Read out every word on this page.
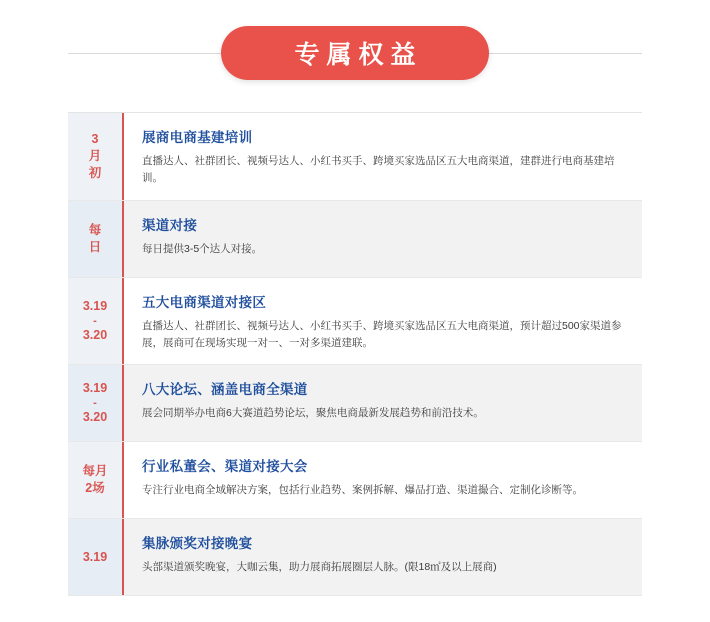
专属权益
3
月
初

展商电商基建培训

直播达人、社群团长、视频号达人、小红书买手、跨境买家选品区五大电商渠道，建群进行电商基建培训。

每
日

渠道对接

每日提供3-5个达人对接。

3.19
-
3.20

五大电商渠道对接区

直播达人、社群团长、视频号达人、小红书买手、跨境买家选品区五大电商渠道，预计超过500家渠道参展，展商可在现场实现一对一、一对多渠道建联。

3.19
-
3.20

八大论坛、涵盖电商全渠道

展会同期举办电商6大赛道趋势论坛，聚焦电商最新发展趋势和前沿技术。

每月
2场

行业私董会、渠道对接大会

专注行业电商全域解决方案，包括行业趋势、案例拆解、爆品打造、渠道撮合、定制化诊断等。

3.19

集脉颁奖对接晚宴

头部渠道颁奖晚宴，大咖云集，助力展商拓展圈层人脉。(限18㎡及以上展商)
